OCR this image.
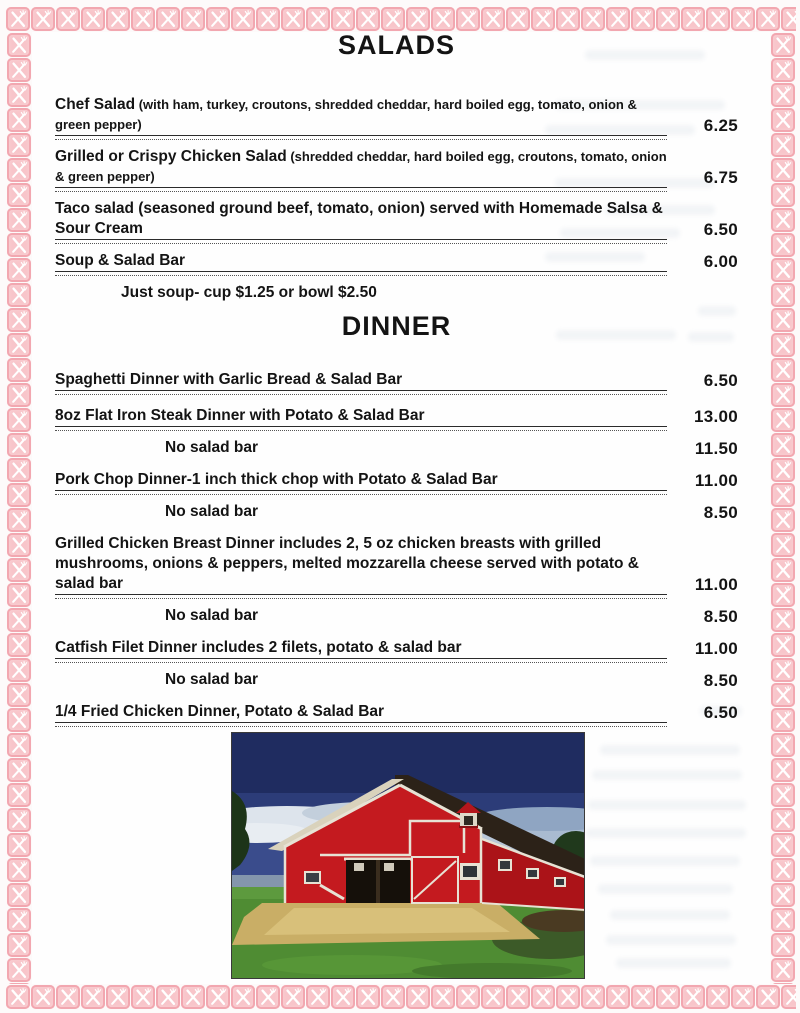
SALADS
Chef Salad (with ham, turkey, croutons, shredded cheddar, hard boiled egg, tomato, onion & green pepper)	6.25
Grilled or Crispy Chicken Salad (shredded cheddar, hard boiled egg, croutons, tomato, onion & green pepper)	6.75
Taco salad (seasoned ground beef, tomato, onion) served with Homemade Salsa & Sour Cream	6.50
Soup & Salad Bar	6.00
Just soup- cup $1.25 or bowl $2.50
DINNER
Spaghetti Dinner with Garlic Bread & Salad Bar	6.50
8oz Flat Iron Steak Dinner with Potato & Salad Bar	13.00
No salad bar	11.50
Pork Chop Dinner-1 inch thick chop with Potato & Salad Bar	11.00
No salad bar	8.50
Grilled Chicken Breast Dinner includes 2, 5 oz chicken breasts with grilled mushrooms, onions & peppers, melted mozzarella cheese served with potato & salad bar	11.00
No salad bar	8.50
Catfish Filet Dinner includes 2 filets, potato & salad bar	11.00
No salad bar	8.50
1/4 Fried Chicken Dinner, Potato & Salad Bar	6.50
